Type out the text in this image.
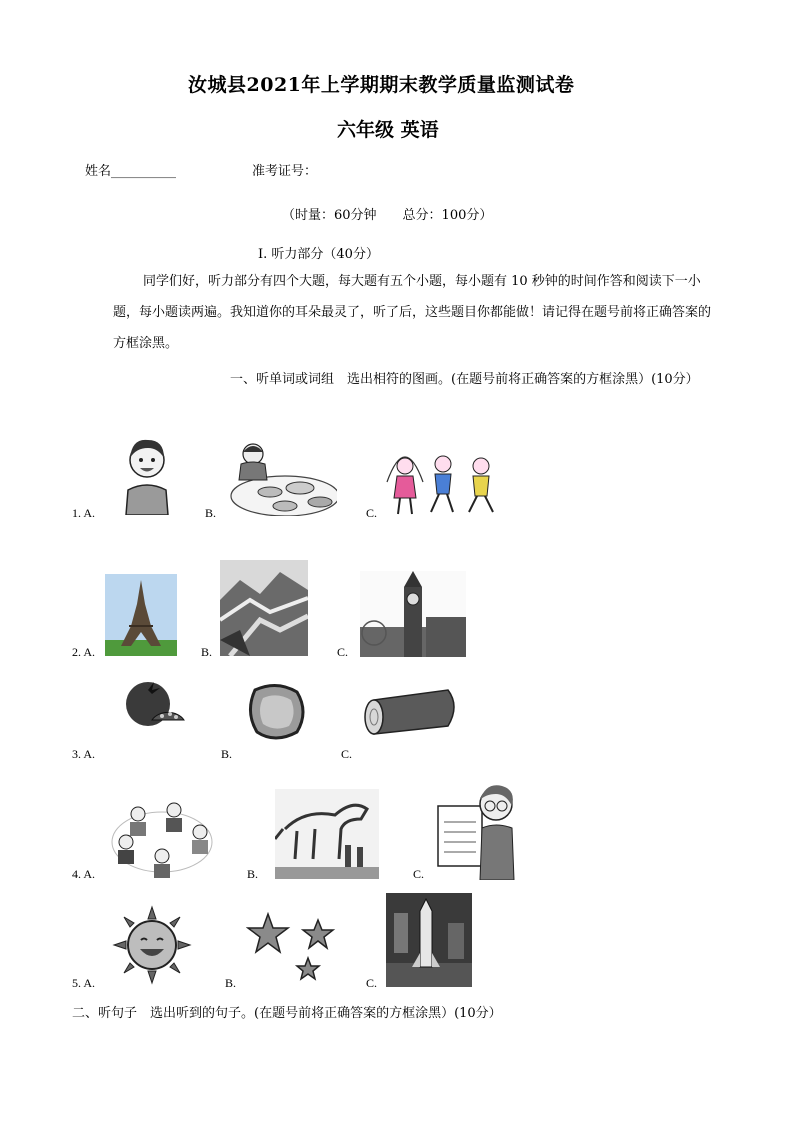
汝城县2021年上学期期末教学质量监测试卷
六年级 英语
姓名__________	准考证号：
（时量：60分钟　　总分：100分）
I. 听力部分（40分）
同学们好，听力部分有四个大题，每大题有五个小题，每小题有 10 秒钟的时间作答和阅读下一小题，每小题读两遍。我知道你的耳朵最灵了，听了后，这些题目你都能做！请记得在题号前将正确答案的方框涂黑。
一、听单词或词组　选出相符的图画。(在题号前将正确答案的方框涂黑）(10分）
1. A.	B.	C.
2. A.	B.	C.
3. A.	B.	C.
4. A.	B.	C.
5. A.	B.	C.
二、听句子　选出听到的句子。(在题号前将正确答案的方框涂黑）(10分）
